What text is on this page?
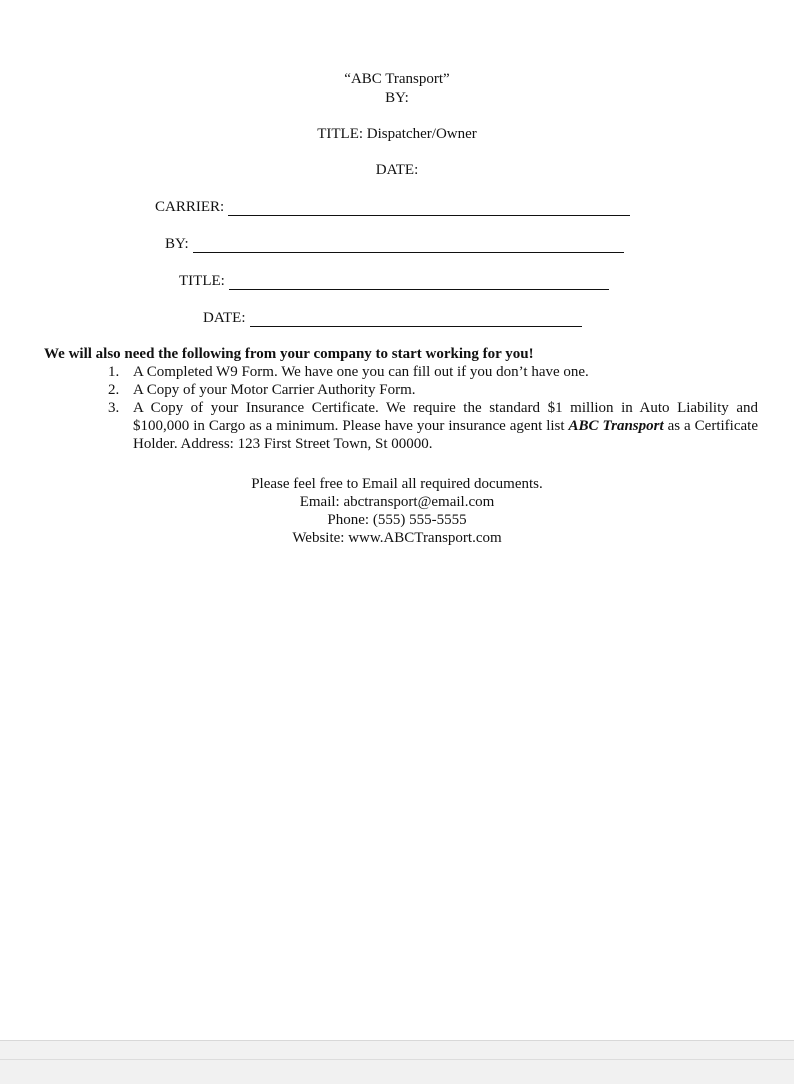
“ABC Transport”
BY:
TITLE: Dispatcher/Owner
DATE:
CARRIER:
BY:
TITLE:
DATE:
We will also need the following from your company to start working for you!
1. A Completed W9 Form. We have one you can fill out if you don’t have one.
2. A Copy of your Motor Carrier Authority Form.
3. A Copy of your Insurance Certificate. We require the standard $1 million in Auto Liability and $100,000 in Cargo as a minimum. Please have your insurance agent list ABC Transport as a Certificate Holder. Address: 123 First Street Town, St 00000.
Please feel free to Email all required documents.
Email: abctransport@email.com
Phone: (555) 555-5555
Website: www.ABCTransport.com
